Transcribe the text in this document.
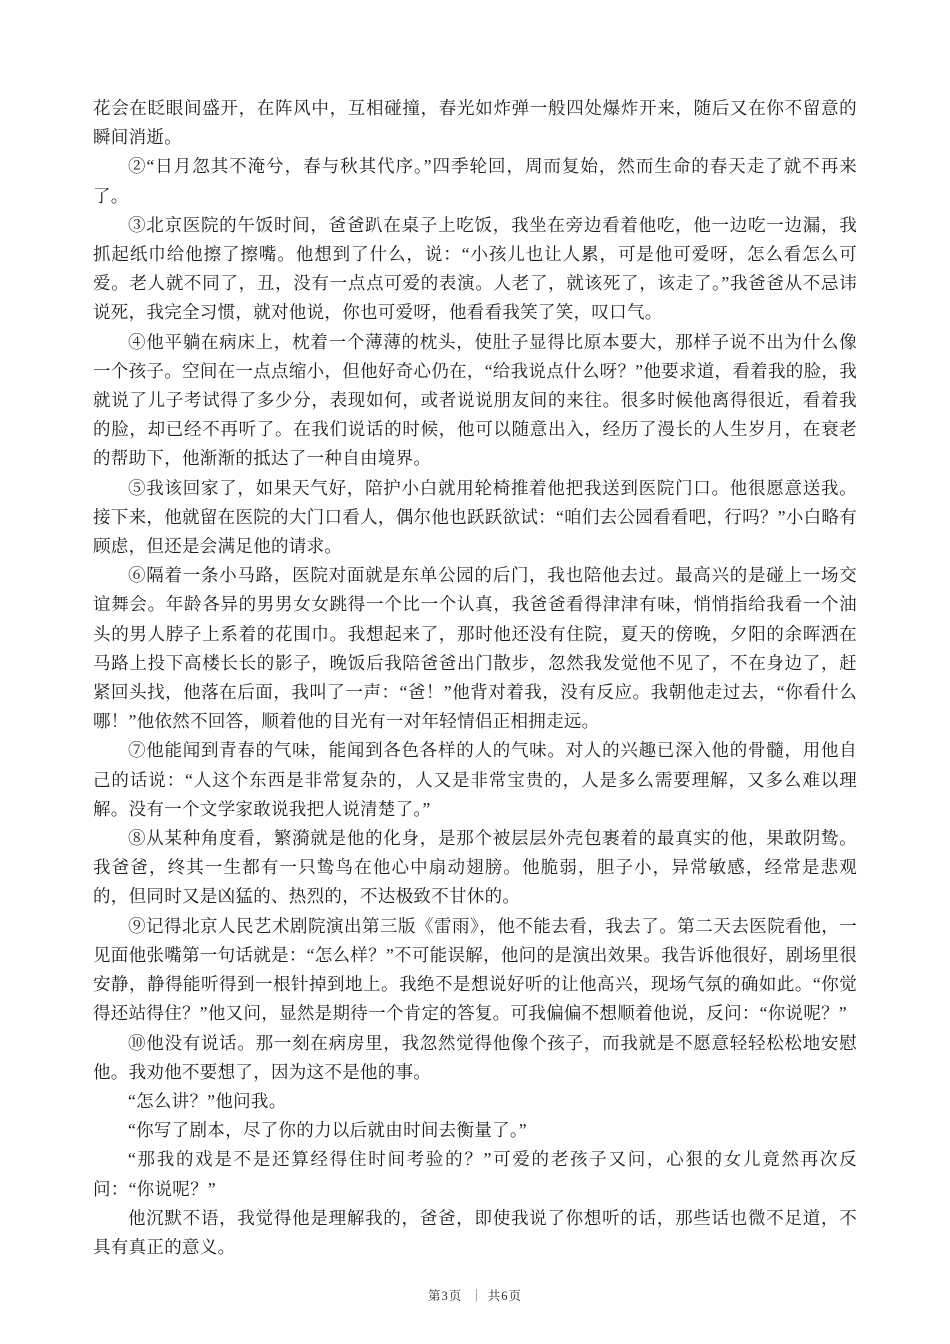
花会在眨眼间盛开，在阵风中，互相碰撞，春光如炸弹一般四处爆炸开来，随后又在你不留意的瞬间消逝。

②“日月忽其不淹兮，春与秋其代序。”四季轮回，周而复始，然而生命的春天走了就不再来了。

③北京医院的午饭时间，爸爸趴在桌子上吃饭，我坐在旁边看着他吃，他一边吃一边漏，我抓起纸巾给他擦了擦嘴。他想到了什么，说：“小孩儿也让人累，可是他可爱呀，怎么看怎么可爱。老人就不同了，丑，没有一点点可爱的表演。人老了，就该死了，该走了。”我爸爸从不忌讳说死，我完全习惯，就对他说，你也可爱呀，他看看我笑了笑，叹口气。

④他平躺在病床上，枕着一个薄薄的枕头，使肚子显得比原本要大，那样子说不出为什么像一个孩子。空间在一点点缩小，但他好奇心仍在，“给我说点什么呀？”他要求道，看着我的脸，我就说了儿子考试得了多少分，表现如何，或者说说朋友间的来往。很多时候他离得很近，看着我的脸，却已经不再听了。在我们说话的时候，他可以随意出入，经历了漫长的人生岁月，在衰老的帮助下，他渐渐的抵达了一种自由境界。

⑤我该回家了，如果天气好，陪护小白就用轮椅推着他把我送到医院门口。他很愿意送我。接下来，他就留在医院的大门口看人，偶尔他也跃跃欲试：“咱们去公园看看吧，行吗？”小白略有顾虑，但还是会满足他的请求。

⑥隔着一条小马路，医院对面就是东单公园的后门，我也陪他去过。最高兴的是碰上一场交谊舞会。年龄各异的男男女女跳得一个比一个认真，我爸爸看得津津有味，悄悄指给我看一个油头的男人脖子上系着的花围巾。我想起来了，那时他还没有住院，夏天的傍晚，夕阳的余晖洒在马路上投下高楼长长的影子，晚饭后我陪爸爸出门散步，忽然我发觉他不见了，不在身边了，赶紧回头找，他落在后面，我叫了一声：“爸！”他背对着我，没有反应。我朝他走过去，“你看什么哪！”他依然不回答，顺着他的目光有一对年轻情侣正相拥走远。

⑦他能闻到青春的气味，能闻到各色各样的人的气味。对人的兴趣已深入他的骨髓，用他自己的话说：“人这个东西是非常复杂的，人又是非常宝贵的，人是多么需要理解，又多么难以理解。没有一个文学家敢说我把人说清楚了。”

⑧从某种角度看，繁漪就是他的化身，是那个被层层外壳包裹着的最真实的他，果敢阴鸷。我爸爸，终其一生都有一只鸷鸟在他心中扇动翅膀。他脆弱，胆子小，异常敏感，经常是悲观的，但同时又是凶猛的、热烈的，不达极致不甘休的。

⑨记得北京人民艺术剧院演出第三版《雷雨》，他不能去看，我去了。第二天去医院看他，一见面他张嘴第一句话就是：“怎么样？”不可能误解，他问的是演出效果。我告诉他很好，剧场里很安静，静得能听得到一根针掉到地上。我绝不是想说好听的让他高兴，现场气氛的确如此。“你觉得还站得住？”他又问，显然是期待一个肯定的答复。可我偏偏不想顺着他说，反问：“你说呢？”

⑩他没有说话。那一刻在病房里，我忽然觉得他像个孩子，而我就是不愿意轻轻松松地安慰他。我劝他不要想了，因为这不是他的事。

“怎么讲？”他问我。

“你写了剧本，尽了你的力以后就由时间去衡量了。”

“那我的戏是不是还算经得住时间考验的？”可爱的老孩子又问，心狠的女儿竟然再次反问：“你说呢？”

他沉默不语，我觉得他是理解我的，爸爸，即使我说了你想听的话，那些话也微不足道，不具有真正的意义。

第3页 ｜ 共6页
